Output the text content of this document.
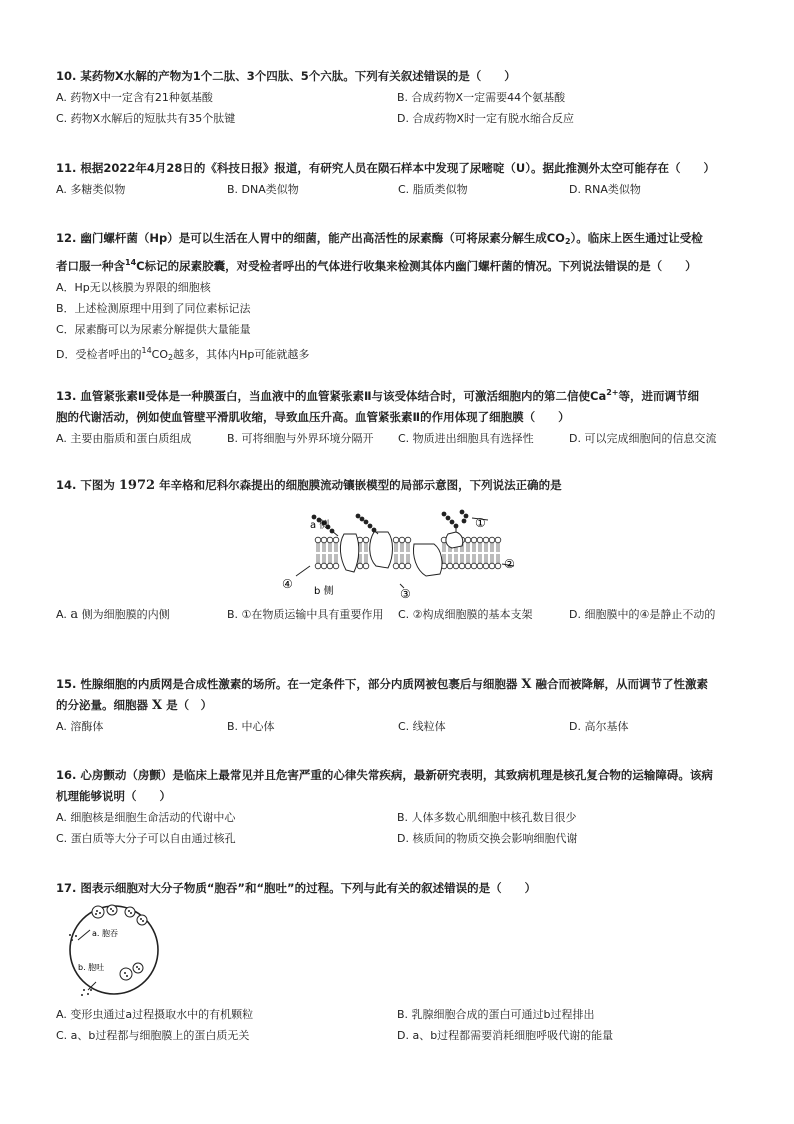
10. 某药物X水解的产物为1个二肽、3个四肽、5个六肽。下列有关叙述错误的是（　　）

A. 药物X中一定含有21种氨基酸	B. 合成药物X一定需要44个氨基酸
C. 药物X水解后的短肽共有35个肽键	D. 合成药物X时一定有脱水缩合反应

11. 根据2022年4月28日的《科技日报》报道，有研究人员在陨石样本中发现了尿嘧啶（U）。据此推测外太空可能存在（　　）

A. 多糖类似物	B. DNA类似物	C. 脂质类似物	D. RNA类似物

12. 幽门螺杆菌（Hp）是可以生活在人胃中的细菌，能产出高活性的尿素酶（可将尿素分解生成$CO_2$）。临床上医生通过让受检

者口服一种含$^{14}$C标记的尿素胶囊，对受检者呼出的气体进行收集来检测其体内幽门螺杆菌的情况。下列说法错误的是（　　）

A．Hp无以核膜为界限的细胞核
B．上述检测原理中用到了同位素标记法
C．尿素酶可以为尿素分解提供大量能量
D．受检者呼出的$^{14}CO_2$越多，其体内Hp可能就越多

13. 血管紧张素Ⅱ受体是一种膜蛋白，当血液中的血管紧张素Ⅱ与该受体结合时，可激活细胞内的第二信使$Ca^{2+}$等，进而调节细

胞的代谢活动，例如使血管壁平滑肌收缩，导致血压升高。血管紧张素Ⅱ的作用体现了细胞膜（　　）

A. 主要由脂质和蛋白质组成	B. 可将细胞与外界环境分隔开	C. 物质进出细胞具有选择性	D. 可以完成细胞间的信息交流

14. 下图为 1972 年辛格和尼科尔森提出的细胞膜流动镶嵌模型的局部示意图，下列说法正确的是

a 侧
b 侧
①
②
③
④
A. a 侧为细胞膜的内侧	B. ①在物质运输中具有重要作用 C. ②构成细胞膜的基本支架	D. 细胞膜中的④是静止不动的

15. 性腺细胞的内质网是合成性激素的场所。在一定条件下，部分内质网被包裹后与细胞器 X 融合而被降解，从而调节了性激素

的分泌量。细胞器 X 是（　）

A. 溶酶体	B. 中心体	C. 线粒体	D. 高尔基体

16. 心房颤动（房颤）是临床上最常见并且危害严重的心律失常疾病，最新研究表明，其致病机理是核孔复合物的运输障碍。该病

机理能够说明（　　）

A. 细胞核是细胞生命活动的代谢中心	B. 人体多数心肌细胞中核孔数目很少
C. 蛋白质等大分子可以自由通过核孔	D. 核质间的物质交换会影响细胞代谢

17. 图表示细胞对大分子物质“胞吞”和“胞吐”的过程。下列与此有关的叙述错误的是（　　）

a. 胞吞
b. 胞吐
A. 变形虫通过a过程摄取水中的有机颗粒	B. 乳腺细胞合成的蛋白可通过b过程排出
C. a、b过程都与细胞膜上的蛋白质无关	D. a、b过程都需要消耗细胞呼吸代谢的能量
